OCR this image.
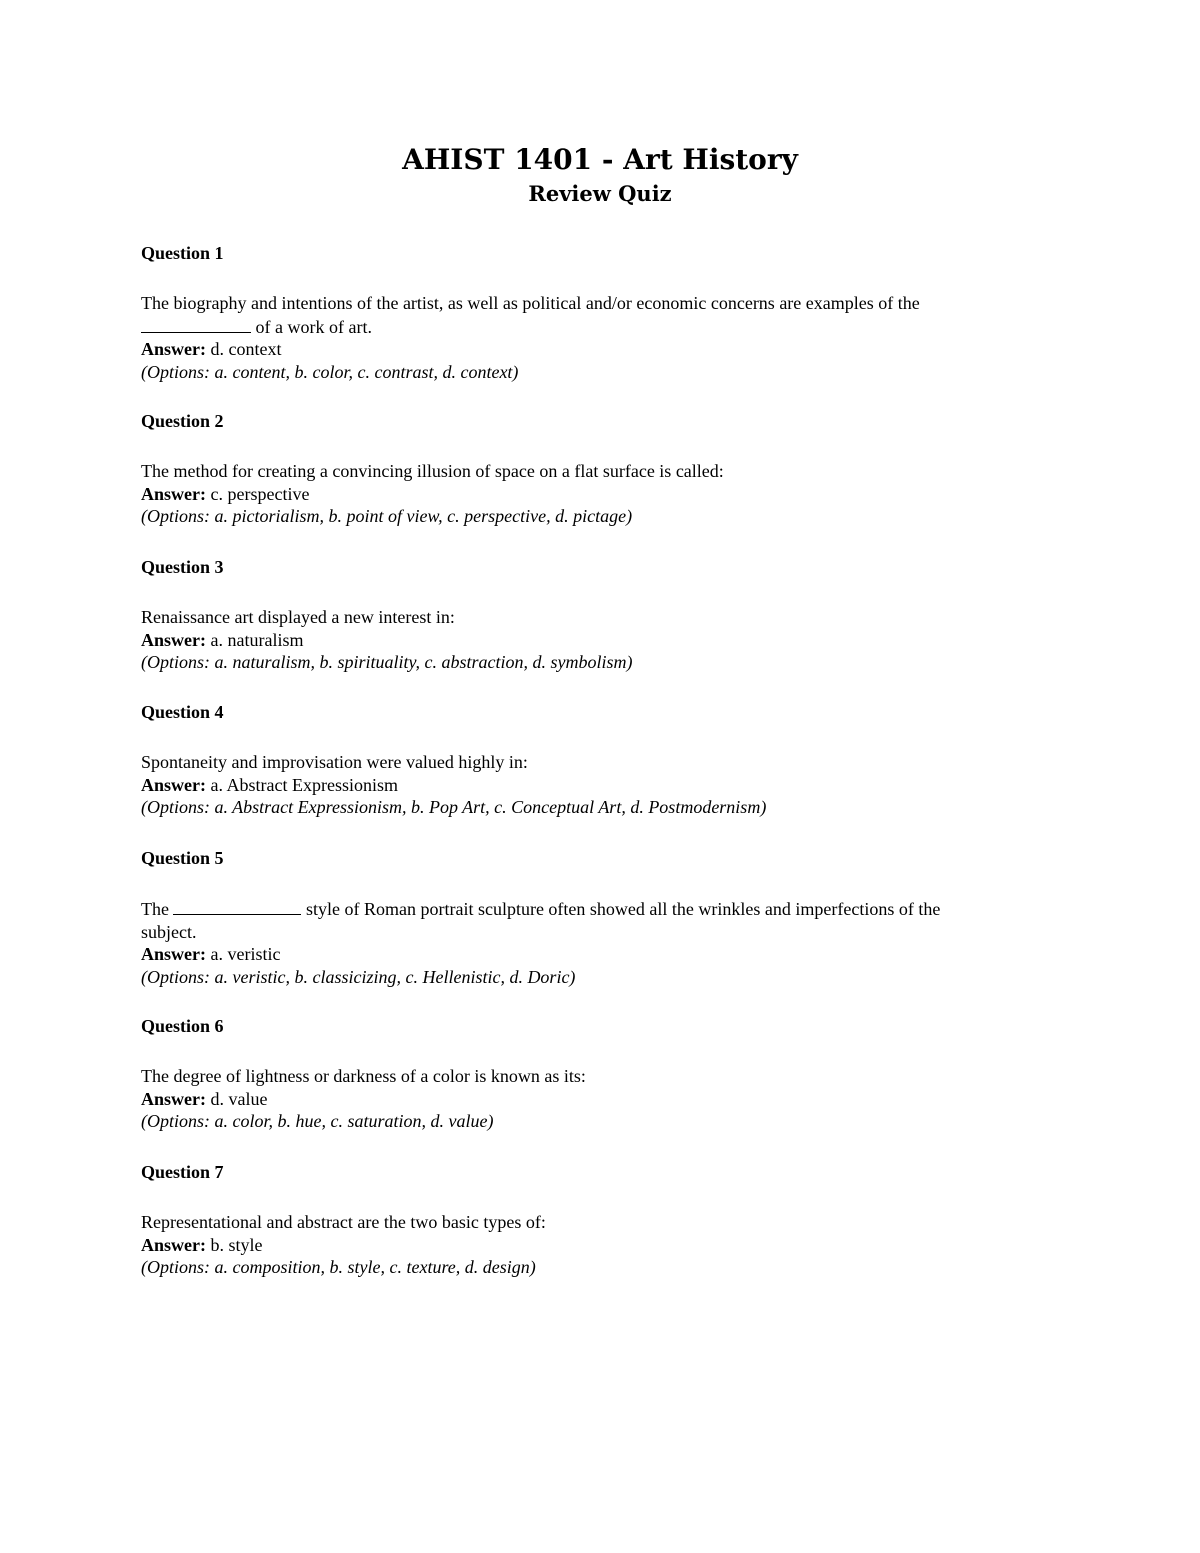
AHIST 1401 - Art History
Review Quiz
Question 1
The biography and intentions of the artist, as well as political and/or economic concerns are examples of the
of a work of art.
Answer: d. context
(Options: a. content, b. color, c. contrast, d. context)
Question 2
The method for creating a convincing illusion of space on a flat surface is called:
Answer: c. perspective
(Options: a. pictorialism, b. point of view, c. perspective, d. pictage)
Question 3
Renaissance art displayed a new interest in:
Answer: a. naturalism
(Options: a. naturalism, b. spirituality, c. abstraction, d. symbolism)
Question 4
Spontaneity and improvisation were valued highly in:
Answer: a. Abstract Expressionism
(Options: a. Abstract Expressionism, b. Pop Art, c. Conceptual Art, d. Postmodernism)
Question 5
The	style of Roman portrait sculpture often showed all the wrinkles and imperfections of the
subject.
Answer: a. veristic
(Options: a. veristic, b. classicizing, c. Hellenistic, d. Doric)
Question 6
The degree of lightness or darkness of a color is known as its:
Answer: d. value
(Options: a. color, b. hue, c. saturation, d. value)
Question 7
Representational and abstract are the two basic types of:
Answer: b. style
(Options: a. composition, b. style, c. texture, d. design)
